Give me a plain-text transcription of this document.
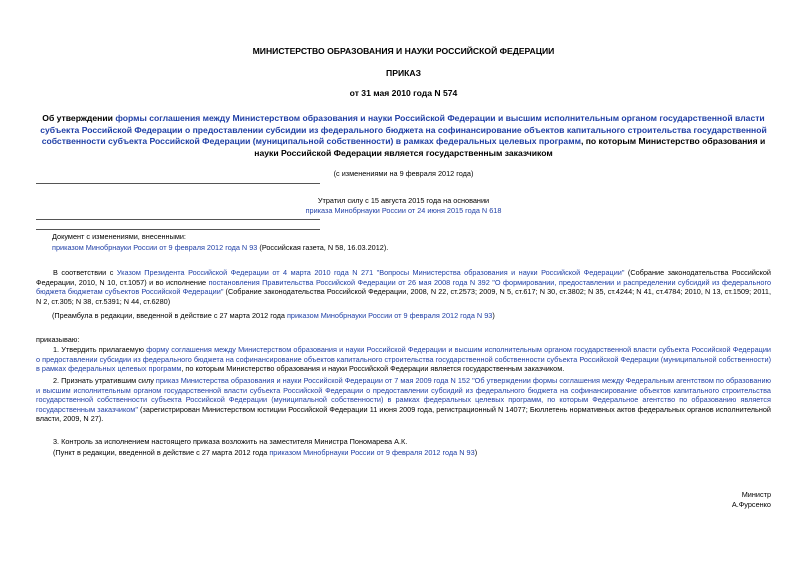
МИНИСТЕРСТВО ОБРАЗОВАНИЯ И НАУКИ РОССИЙСКОЙ ФЕДЕРАЦИИ
ПРИКАЗ
от 31 мая 2010 года N 574
Об утверждении формы соглашения между Министерством образования и науки Российской Федерации и высшим исполнительным органом государственной власти субъекта Российской Федерации о предоставлении субсидии из федерального бюджета на софинансирование объектов капитального строительства государственной собственности субъекта Российской Федерации (муниципальной собственности) в рамках федеральных целевых программ, по которым Министерство образования и науки Российской Федерации является государственным заказчиком
(с изменениями на 9 февраля 2012 года)
Утратил силу с 15 августа 2015 года на основании
приказа Минобрнауки России от 24 июня 2015 года N 618
Документ с изменениями, внесенными:
приказом Минобрнауки России от 9 февраля 2012 года N 93 (Российская газета, N 58, 16.03.2012).
В соответствии с Указом Президента Российской Федерации от 4 марта 2010 года N 271 "Вопросы Министерства образования и науки Российской Федерации" (Собрание законодательства Российской Федерации, 2010, N 10, ст.1057) и во исполнение постановления Правительства Российской Федерации от 26 мая 2008 года N 392 "О формировании, предоставлении и распределении субсидий из федерального бюджета бюджетам субъектов Российской Федерации" (Собрание законодательства Российской Федерации, 2008, N 22, ст.2573; 2009, N 5, ст.617; N 30, ст.3802; N 35, ст.4244; N 41, ст.4784; 2010, N 13, ст.1509; 2011, N 2, ст.305; N 38, ст.5391; N 44, ст.6280)
(Преамбула в редакции, введенной в действие с 27 марта 2012 года приказом Минобрнауки России от 9 февраля 2012 года N 93)
приказываю:
1. Утвердить прилагаемую форму соглашения между Министерством образования и науки Российской Федерации и высшим исполнительным органом государственной власти субъекта Российской Федерации о предоставлении субсидии из федерального бюджета на софинансирование объектов капитального строительства государственной собственности субъекта Российской Федерации (муниципальной собственности) в рамках федеральных целевых программ, по которым Министерство образования и науки Российской Федерации является государственным заказчиком.
2. Признать утратившим силу приказ Министерства образования и науки Российской Федерации от 7 мая 2009 года N 152 "Об утверждении формы соглашения между Федеральным агентством по образованию и высшим исполнительным органом государственной власти субъекта Российской Федерации о предоставлении субсидий из федерального бюджета на софинансирование объектов капитального строительства государственной собственности субъекта Российской Федерации (муниципальной собственности) в рамках федеральных целевых программ, по которым Федеральное агентство по образованию является государственным заказчиком" (зарегистрирован Министерством юстиции Российской Федерации 11 июня 2009 года, регистрационный N 14077; Бюллетень нормативных актов федеральных органов исполнительной власти, 2009, N 27).
3. Контроль за исполнением настоящего приказа возложить на заместителя Министра Пономарева А.К.
(Пункт в редакции, введенной в действие с 27 марта 2012 года приказом Минобрнауки России от 9 февраля 2012 года N 93)
Министр
А.Фурсенко
